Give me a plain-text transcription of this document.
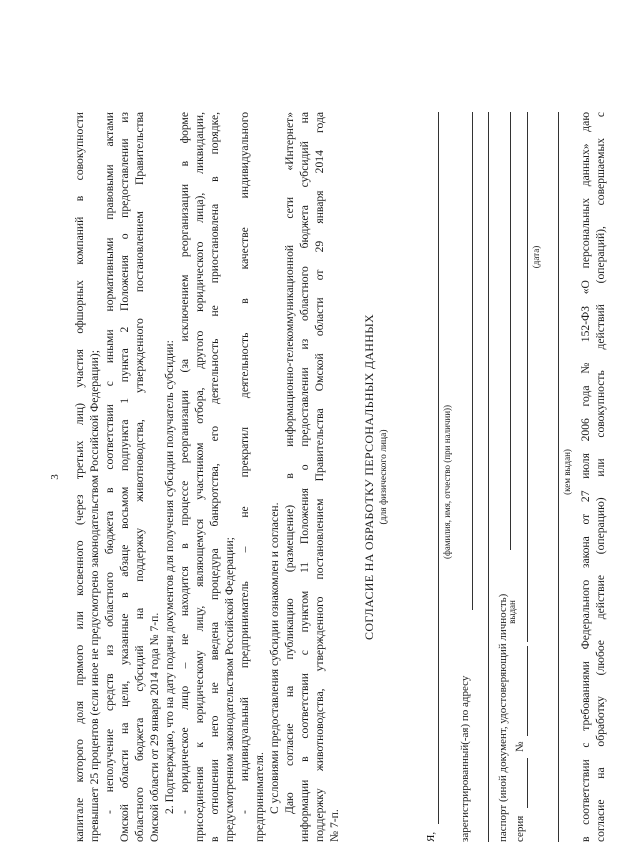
3 капитале которого доля прямого или косвенного (через третьих лиц) участия офшорных компаний в совокупности превышает 25 процентов (если иное не предусмотрено законодательством Российской Федерации); - неполучение средств из областного бюджета в соответствии с иными нормативными правовыми актами Омской области на цели, указанные в абзаце восьмом подпункта 1 пункта 2 Положения о предоставлении из областного бюджета субсидий на поддержку животноводства, утвержденного постановлением Правительства Омской области от 29 января 2014 года № 7-п. 2. Подтверждаю, что на дату подачи документов для получения субсидии получатель субсидии: - юридическое лицо – не находится в процессе реорганизации (за исключением реорганизации в форме присоединения к юридическому лицу, являющемуся участником отбора, другого юридического лица), ликвидации, в отношении него не введена процедура банкротства, его деятельность не приостановлена в порядке, предусмотренном законодательством Российской Федерации; - индивидуальный предприниматель – не прекратил деятельность в качестве индивидуального предпринимателя. С условиями предоставления субсидии ознакомлен и согласен. Даю согласие на публикацию (размещение) в информационно-телекоммуникационной сети «Интернет» информации в соответствии с пунктом 11 Положения о предоставлении из областного бюджета субсидий на поддержку животноводства, утвержденного постановлением Правительства Омской области от 29 января 2014 года № 7-п.
СОГЛАСИЕ НА ОБРАБОТКУ ПЕРСОНАЛЬНЫХ ДАННЫХ (для физического лица)
Я,
(фамилия, имя, отчество (при наличии))
зарегистрированный(-ая) по адресу паспорт (иной документ, удостоверяющий личность) серия
№
выдан
(дата)
(кем выдан) в соответствии с требованиями Федерального закона от 27 июля 2006 года № 152-ФЗ «О персональных данных» даю согласие на обработку (любое действие (операцию) или совокупность действий (операций), совершаемых с
